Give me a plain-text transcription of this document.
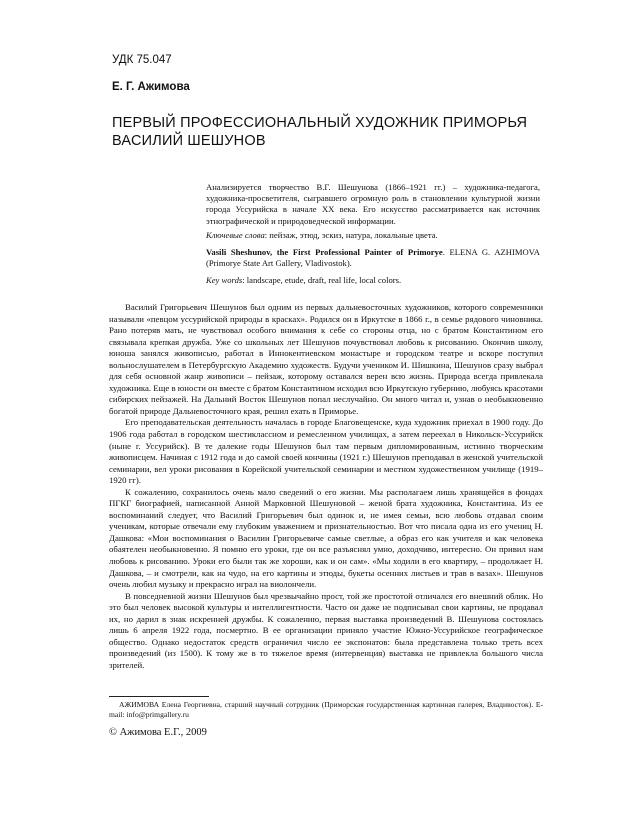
УДК 75.047
Е. Г. Ажимова
ПЕРВЫЙ ПРОФЕССИОНАЛЬНЫЙ ХУДОЖНИК ПРИМОРЬЯ
ВАСИЛИЙ ШЕШУНОВ

Анализируется творчество В.Г. Шешунова (1866–1921 гг.) – художника-педагога, художника-просветителя, сыгравшего огромную роль в становлении культурной жизни города Уссурийска в начале XX века. Его искусство рассматривается как источник этнографической и природоведческой информации.

Ключевые слова: пейзаж, этюд, эскиз, натура, локальные цвета.

Vasili Sheshunov, the First Professional Painter of Primorye. ELENA G. AZHIMOVA (Primorye State Art Gallery, Vladivostok).

Key words: landscape, etude, draft, real life, local colors.

Василий Григорьевич Шешунов был одним из первых дальневосточных художников, которого современники называли «певцом уссурийской природы в красках». Родился он в Иркутске в 1866 г., в семье рядового чиновника. Рано потеряв мать, не чувствовал особого внимания к себе со стороны отца, но с братом Константином его связывала крепкая дружба. Уже со школьных лет Шешунов почувствовал любовь к рисованию. Окончив школу, юноша занялся живописью, работал в Иннокентиевском монастыре и городском театре и вскоре поступил вольнослушателем в Петербургскую Академию художеств. Будучи учеником И. Шишкина, Шешунов сразу выбрал для себя основной жанр живописи – пейзаж, которому оставался верен всю жизнь. Природа всегда привлекала художника. Еще в юности он вместе с братом Константином исходил всю Иркутскую губернию, любуясь красотами сибирских пейзажей. На Дальний Восток Шешунов попал неслучайно. Он много читал и, узнав о необыкновенно богатой природе Дальневосточного края, решил ехать в Приморье.

Его преподавательская деятельность началась в городе Благовещенске, куда художник приехал в 1900 году. До 1906 года работал в городском шестиклассном и ремесленном училищах, а затем переехал в Никольск-Уссурийск (ныне г. Уссурийск). В те далекие годы Шешунов был там первым дипломированным, истинно творческим живописцем. Начиная с 1912 года и до самой своей кончины (1921 г.) Шешунов преподавал в женской учительской семинарии, вел уроки рисования в Корейской учительской семинарии и местном художественном училище (1919–1920 гг).

К сожалению, сохранилось очень мало сведений о его жизни. Мы располагаем лишь хранящейся в фондах ПГКГ биографией, написанной Анной Марковной Шешуновой – женой брата художника, Константина. Из ее воспоминаний следует, что Василий Григорьевич был одинок и, не имея семьи, всю любовь отдавал своим ученикам, которые отвечали ему глубоким уважением и признательностью. Вот что писала одна из его учениц Н. Дашкова: «Мои воспоминания о Василии Григорьевиче самые светлые, а образ его как учителя и как человека обаятелен необыкновенно. Я помню его уроки, где он все разъяснял умно, доходчиво, интересно. Он привил нам любовь к рисованию. Уроки его были так же хороши, как и он сам». «Мы ходили в его квартиру, – продолжает Н. Дашкова, – и смотрели, как на чудо, на его картины и этюды, букеты осенних листьев и трав в вазах». Шешунов очень любил музыку и прекрасно играл на виолончели.

В повседневной жизни Шешунов был чрезвычайно прост, той же простотой отличался его внешний облик. Но это был человек высокой культуры и интеллигентности. Часто он даже не подписывал свои картины, не продавал их, но дарил в знак искренней дружбы. К сожалению, первая выставка произведений В. Шешунова состоялась лишь 6 апреля 1922 года, посмертно. В ее организации приняло участие Южно-Уссурийское географическое общество. Однако недостаток средств ограничил число ее экспонатов: была представлена только треть всех произведений (из 1500). К тому же в то тяжелое время (интервенция) выставка не привлекла большого числа зрителей.

АЖИМОВА Елена Георгиевна, старший научный сотрудник (Приморская государственная картинная галерея, Владивосток). E-mail: info@primgallery.ru

© Ажимова Е.Г., 2009
